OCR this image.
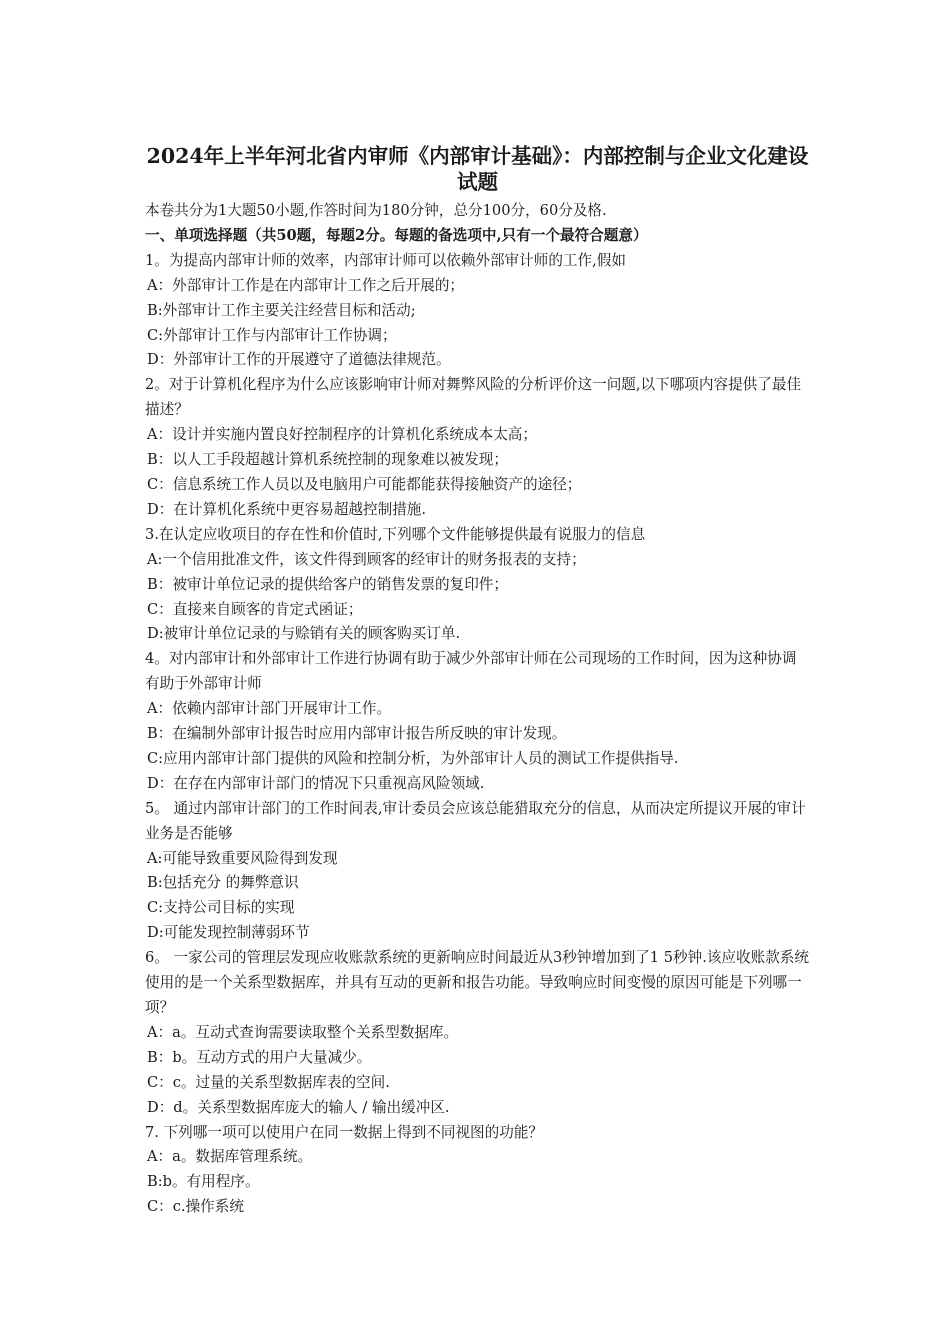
2024年上半年河北省内审师《内部审计基础》：内部控制与企业文化建设试题
本卷共分为1大题50小题,作答时间为180分钟，总分100分，60分及格.
一、单项选择题（共50题，每题2分。每题的备选项中,只有一个最符合题意）
1。为提高内部审计师的效率，内部审计师可以依赖外部审计师的工作,假如
A：外部审计工作是在内部审计工作之后开展的；
B:外部审计工作主要关注经营目标和活动;
C:外部审计工作与内部审计工作协调；
D：外部审计工作的开展遵守了道德法律规范。
2。对于计算机化程序为什么应该影响审计师对舞弊风险的分析评价这一问题,以下哪项内容提供了最佳描述？
A：设计并实施内置良好控制程序的计算机化系统成本太高；
B：以人工手段超越计算机系统控制的现象难以被发现；
C：信息系统工作人员以及电脑用户可能都能获得接触资产的途径；
D：在计算机化系统中更容易超越控制措施.
3.在认定应收项目的存在性和价值时,下列哪个文件能够提供最有说服力的信息
A:一个信用批准文件，该文件得到顾客的经审计的财务报表的支持；
B：被审计单位记录的提供给客户的销售发票的复印件；
C：直接来自顾客的肯定式函证；
D:被审计单位记录的与赊销有关的顾客购买订单.
4。对内部审计和外部审计工作进行协调有助于减少外部审计师在公司现场的工作时间，因为这种协调有助于外部审计师
A：依赖内部审计部门开展审计工作。
B：在编制外部审计报告时应用内部审计报告所反映的审计发现。
C:应用内部审计部门提供的风险和控制分析，为外部审计人员的测试工作提供指导.
D：在存在内部审计部门的情况下只重视高风险领域.
5。 通过内部审计部门的工作时间表,审计委员会应该总能猎取充分的信息，从而决定所提议开展的审计业务是否能够
A:可能导致重要风险得到发现
B:包括充分 的舞弊意识
C:支持公司目标的实现
D:可能发现控制薄弱环节
6。 一家公司的管理层发现应收账款系统的更新响应时间最近从3秒钟增加到了1 5秒钟.该应收账款系统使用的是一个关系型数据库，并具有互动的更新和报告功能。导致响应时间变慢的原因可能是下列哪一项？
A：a。互动式查询需要读取整个关系型数据库。
B：b。互动方式的用户大量减少。
C：c。过量的关系型数据库表的空间.
D：d。关系型数据库庞大的输人 / 输出缓冲区.
7. 下列哪一项可以使用户在同一数据上得到不同视图的功能？
A：a。数据库管理系统。
B:b。有用程序。
C：c.操作系统
